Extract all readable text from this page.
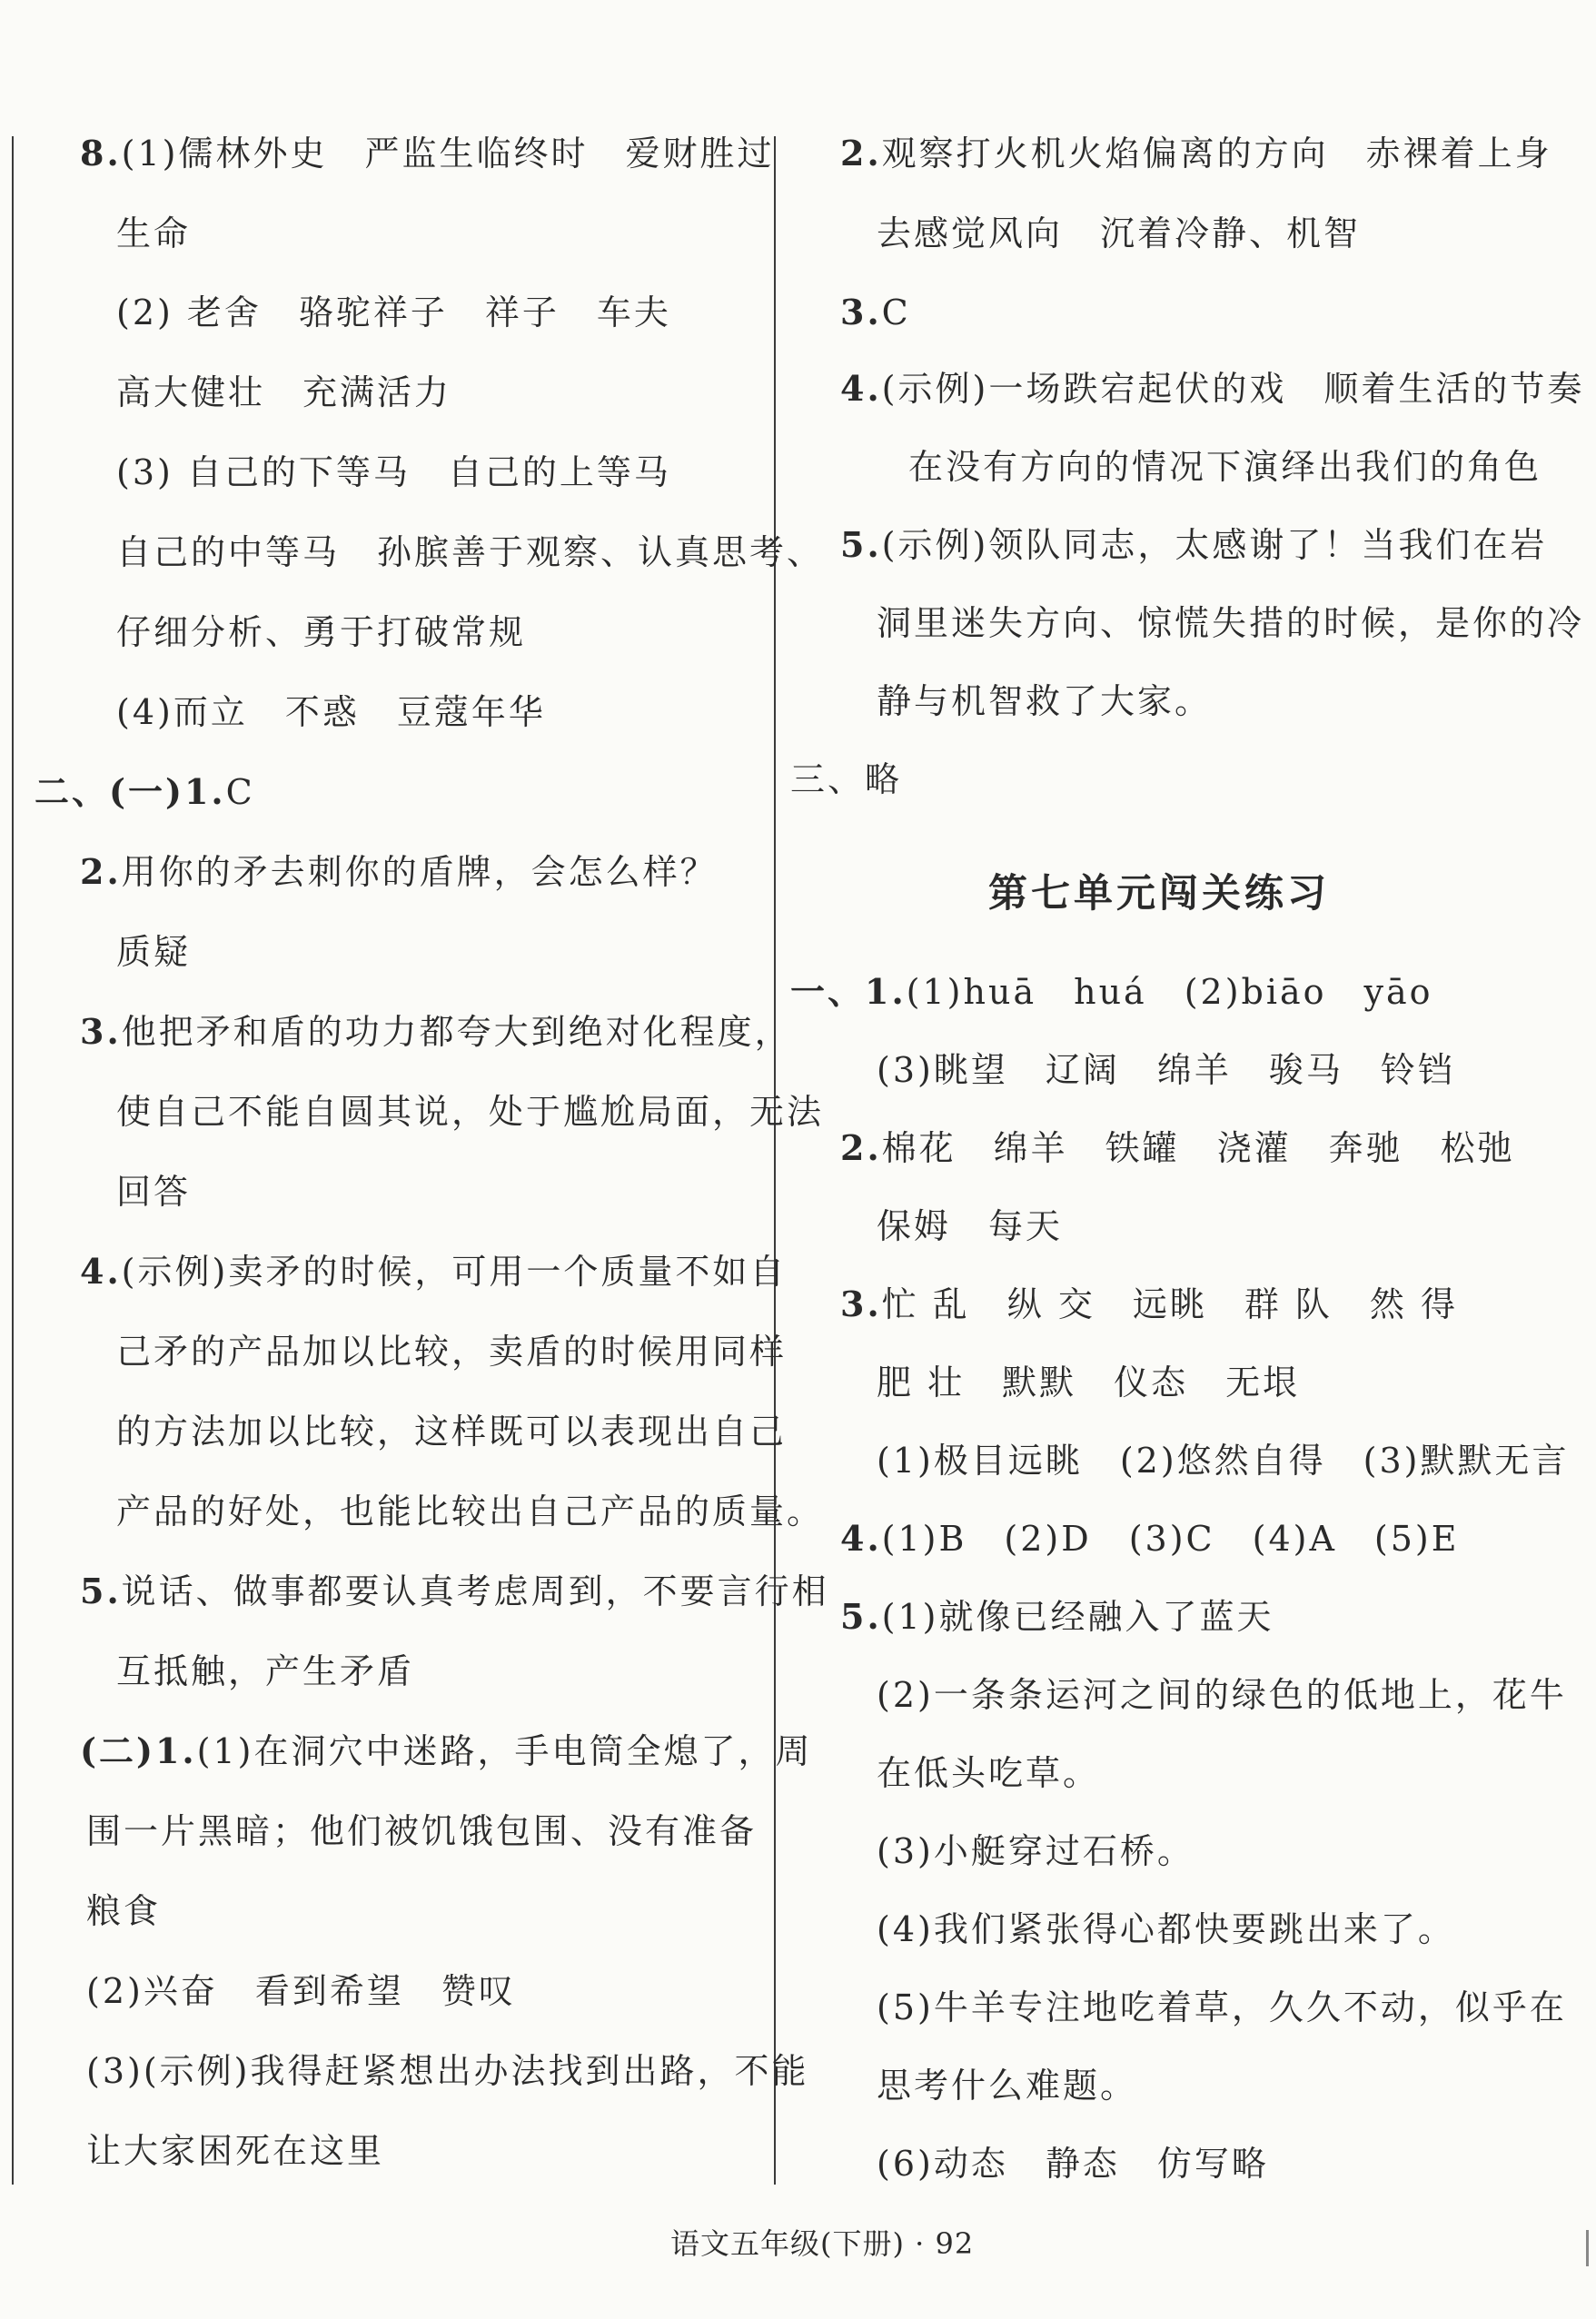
8.(1)儒林外史　严监生临终时　爱财胜过
生命
(2) 老舍　骆驼祥子　祥子　车夫
高大健壮　充满活力
(3) 自己的下等马　自己的上等马
自己的中等马　孙膑善于观察、认真思考、
仔细分析、勇于打破常规
(4)而立　不惑　豆蔻年华
二、(一)1.C
2.用你的矛去刺你的盾牌，会怎么样？
质疑
3.他把矛和盾的功力都夸大到绝对化程度，
使自己不能自圆其说，处于尴尬局面，无法
回答
4.(示例)卖矛的时候，可用一个质量不如自
己矛的产品加以比较，卖盾的时候用同样
的方法加以比较，这样既可以表现出自己
产品的好处，也能比较出自己产品的质量。
5.说话、做事都要认真考虑周到，不要言行相
互抵触，产生矛盾
(二)1.(1)在洞穴中迷路，手电筒全熄了，周
围一片黑暗；他们被饥饿包围、没有准备
粮食
(2)兴奋　看到希望　赞叹
(3)(示例)我得赶紧想出办法找到出路，不能
让大家困死在这里
2.观察打火机火焰偏离的方向　赤裸着上身
去感觉风向　沉着冷静、机智
3.C
4.(示例)一场跌宕起伏的戏　顺着生活的节奏
在没有方向的情况下演绎出我们的角色
5.(示例)领队同志，太感谢了！当我们在岩
洞里迷失方向、惊慌失措的时候，是你的冷
静与机智救了大家。
三、略
第七单元闯关练习
一、1.(1)huā　huá　(2)biāo　yāo
(3)眺望　辽阔　绵羊　骏马　铃铛
2.棉花　绵羊　铁罐　浇灌　奔驰　松弛
保姆　每天
3.忙 乱　纵 交　远眺　群 队　然 得
肥 壮　默默　仪态　无垠
(1)极目远眺　(2)悠然自得　(3)默默无言
4.(1)B　(2)D　(3)C　(4)A　(5)E
5.(1)就像已经融入了蓝天
(2)一条条运河之间的绿色的低地上，花牛
在低头吃草。
(3)小艇穿过石桥。
(4)我们紧张得心都快要跳出来了。
(5)牛羊专注地吃着草，久久不动，似乎在
思考什么难题。
(6)动态　静态　仿写略
语文五年级(下册) · 92
